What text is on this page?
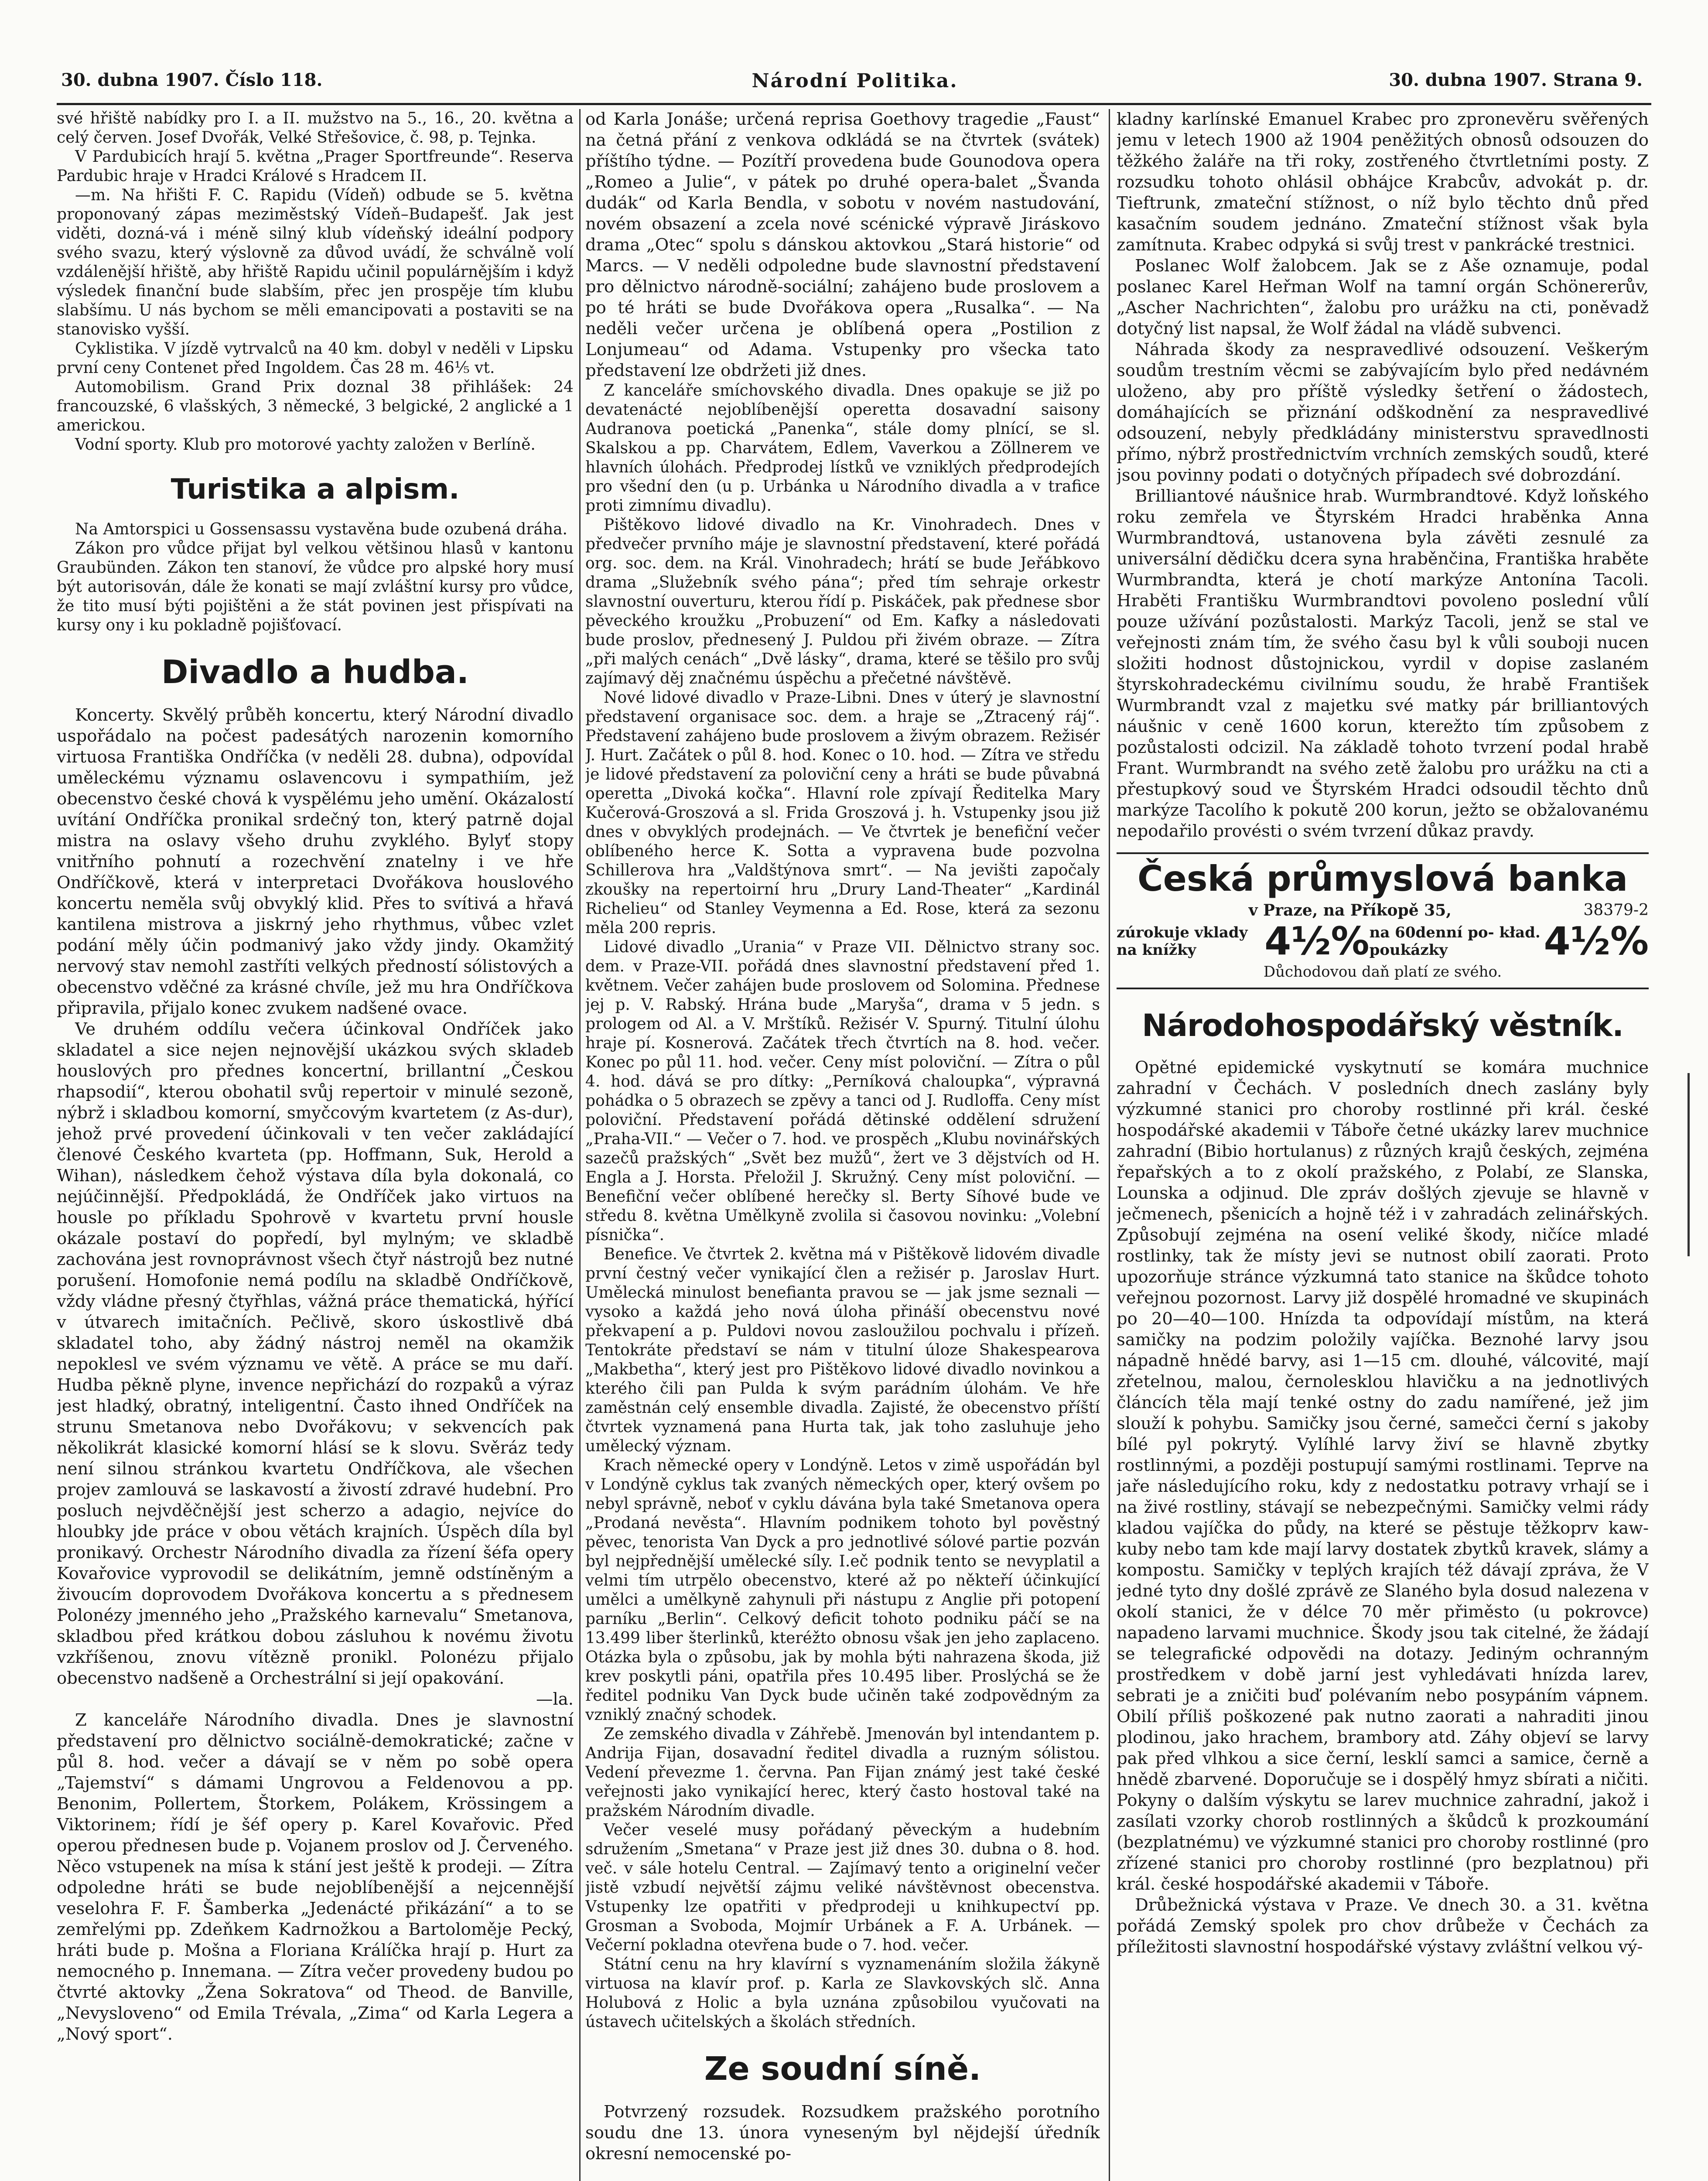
30. dubna 1907. Číslo 118.	Národní Politika.	30. dubna 1907. Strana 9.

své hřiště nabídky pro I. a II. mužstvo na 5., 16., 20. května a celý červen. Josef Dvořák, Velké Střešovice, č. 98, p. Tejnka.

V Pardubicích hrají 5. května „Prager Sportfreunde“. Reserva Pardubic hraje v Hradci Králové s Hradcem II.

—m. Na hřišti F. C. Rapidu (Vídeň) odbude se 5. května proponovaný zápas meziměstský Vídeň–Budapešť. Jak jest viděti, dozná-vá i méně silný klub vídeňský ideální podpory svého svazu, který výslovně za důvod uvádí, že schválně volí vzdálenější hřiště, aby hřiště Rapidu učinil populárnějším i když výsledek finanční bude slabším, přec jen prospěje tím klubu slabšímu. U nás bychom se měli emancipovati a postaviti se na stanovisko vyšší.

Cyklistika. V jízdě vytrvalců na 40 km. dobyl v neděli v Lipsku první ceny Contenet před Ingoldem. Čas 28 m. 46⅕ vt.

Automobilism. Grand Prix doznal 38 přihlášek: 24 francouzské, 6 vlašských, 3 německé, 3 belgické, 2 anglické a 1 americkou.

Vodní sporty. Klub pro motorové yachty založen v Berlíně.

Turistika a alpism.

Na Amtorspici u Gossensassu vystavěna bude ozubená dráha.

Zákon pro vůdce přijat byl velkou většinou hlasů v kantonu Graubünden. Zákon ten stanoví, že vůdce pro alpské hory musí být autorisován, dále že konati se mají zvláštní kursy pro vůdce, že tito musí býti pojištěni a že stát povinen jest přispívati na kursy ony i ku pokladně pojišťovací.

Divadlo a hudba.

Koncerty. Skvělý průběh koncertu, který Národní divadlo uspořádalo na počest padesátých narozenin komorního virtuosa Františka Ondříčka (v neděli 28. dubna), odpovídal uměleckému významu oslavencovu i sympathiím, jež obecenstvo české chová k vyspělému jeho umění. Okázalostí uvítání Ondříčka pronikal srdečný ton, který patrně dojal mistra na oslavy všeho druhu zvyklého. Bylyť stopy vnitřního pohnutí a rozechvění znatelny i ve hře Ondříčkově, která v interpretaci Dvořákova houslového koncertu neměla svůj obvyklý klid. Přes to svítivá a hřavá kantilena mistrova a jiskrný jeho rhythmus, vůbec vzlet podání měly účin podmanivý jako vždy jindy. Okamžitý nervový stav nemohl zastříti velkých předností sólistových a obecenstvo vděčné za krásné chvíle, jež mu hra Ondříčkova připravila, přijalo konec zvukem nadšené ovace.

Ve druhém oddílu večera účinkoval Ondříček jako skladatel a sice nejen nejnovější ukázkou svých skladeb houslových pro přednes koncertní, brillantní „Českou rhapsodií“, kterou obohatil svůj repertoir v minulé sezoně, nýbrž i skladbou komorní, smyčcovým kvartetem (z As-dur), jehož prvé provedení účinkovali v ten večer zakládající členové Českého kvarteta (pp. Hoffmann, Suk, Herold a Wihan), následkem čehož výstava díla byla dokonalá, co nejúčinnější. Předpokládá, že Ondříček jako virtuos na housle po příkladu Spohrově v kvartetu první housle okázale postaví do popředí, byl mylným; ve skladbě zachována jest rovnoprávnost všech čtyř nástrojů bez nutné porušení. Homofonie nemá podílu na skladbě Ondříčkově, vždy vládne přesný čtyřhlas, vážná práce thematická, hýřící v útvarech imitačních. Pečlivě, skoro úskostlivě dbá skladatel toho, aby žádný nástroj neměl na okamžik nepoklesl ve svém významu ve větě. A práce se mu daří. Hudba pěkně plyne, invence nepřichází do rozpaků a výraz jest hladký, obratný, inteligentní. Často ihned Ondříček na strunu Smetanova nebo Dvořákovu; v sekvencích pak několikrát klasické komorní hlásí se k slovu. Svěráz tedy není silnou stránkou kvartetu Ondříčkova, ale všechen projev zamlouvá se laskavostí a živostí zdravé hudební. Pro posluch nejvděčnější jest scherzo a adagio, nejvíce do hloubky jde práce v obou větách krajních. Úspěch díla byl pronikavý. Orchestr Národního divadla za řízení šéfa opery Kovařovice vyprovodil se delikátním, jemně odstíněným a živoucím doprovodem Dvořákova koncertu a s přednesem Polonézy jmenného jeho „Pražského karnevalu“ Smetanova, skladbou před krátkou dobou zásluhou k novému životu vzkříšenou, znovu vítězně pronikl. Polonézu přijalo obecenstvo nadšeně a Orchestrální si její opakování.

—la.

Z kanceláře Národního divadla. Dnes je slavnostní představení pro dělnictvo sociálně-demokratické; začne v půl 8. hod. večer a dávají se v něm po sobě opera „Tajemství“ s dámami Ungrovou a Feldenovou a pp. Benonim, Pollertem, Štorkem, Polákem, Krössingem a Viktorinem; řídí je šéf opery p. Karel Kovařovic. Před operou přednesen bude p. Vojanem proslov od J. Červeného. Něco vstupenek na mísa k stání jest ještě k prodeji. — Zítra odpoledne hráti se bude nejoblíbenější a nejcennější veselohra F. F. Šamberka „Jedenácté přikázání“ a to se zemřelými pp. Zdeňkem Kadrnožkou a Bartoloměje Pecký, hráti bude p. Mošna a Floriana Králíčka hrají p. Hurt za nemocného p. Innemana. — Zítra večer provedeny budou po čtvrté aktovky „Žena Sokratova“ od Theod. de Banville, „Nevysloveno“ od Emila Trévala, „Zima“ od Karla Legera a „Nový sport“.

od Karla Jonáše; určená reprisa Goethovy tragedie „Faust“ na četná přání z venkova odkládá se na čtvrtek (svátek) příštího týdne. — Pozítří provedena bude Gounodova opera „Romeo a Julie“, v pátek po druhé opera-balet „Švanda dudák“ od Karla Bendla, v sobotu v novém nastudování, novém obsazení a zcela nové scénické výpravě Jiráskovo drama „Otec“ spolu s dánskou aktovkou „Stará historie“ od Marcs. — V neděli odpoledne bude slavnostní představení pro dělnictvo národně-sociální; zahájeno bude proslovem a po té hráti se bude Dvořákova opera „Rusalka“. — Na neděli večer určena je oblíbená opera „Postilion z Lonjumeau“ od Adama. Vstupenky pro všecka tato představení lze obdržeti již dnes.

Z kanceláře smíchovského divadla. Dnes opakuje se již po devatenácté nejoblíbenější operetta dosavadní saisony Audranova poetická „Panenka“, stále domy plnící, se sl. Skalskou a pp. Charvátem, Edlem, Vaverkou a Zöllnerem ve hlavních úlohách. Předprodej lístků ve vzniklých předprodejích pro všední den (u p. Urbánka u Národního divadla a v trafice proti zimnímu divadlu).

Pištěkovo lidové divadlo na Kr. Vinohradech. Dnes v předvečer prvního máje je slavnostní představení, které pořádá org. soc. dem. na Král. Vinohradech; hrátí se bude Jeřábkovo drama „Služebník svého pána“; před tím sehraje orkestr slavnostní ouverturu, kterou řídí p. Piskáček, pak přednese sbor pěveckého kroužku „Probuzení“ od Em. Kafky a následovati bude proslov, přednesený J. Puldou při živém obraze. — Zítra „při malých cenách“ „Dvě lásky“, drama, které se těšilo pro svůj zajímavý děj značnému úspěchu a přečetné návštěvě.

Nové lidové divadlo v Praze-Libni. Dnes v úterý je slavnostní představení organisace soc. dem. a hraje se „Ztracený ráj“. Představení zahájeno bude proslovem a živým obrazem. Režisér J. Hurt. Začátek o půl 8. hod. Konec o 10. hod. — Zítra ve středu je lidové představení za poloviční ceny a hráti se bude půvabná operetta „Divoká kočka“. Hlavní role zpívají Ředitelka Mary Kučerová-Groszová a sl. Frida Groszová j. h. Vstupenky jsou již dnes v obvyklých prodejnách. — Ve čtvrtek je benefiční večer oblíbeného herce K. Sotta a vypravena bude pozvolna Schillerova hra „Valdštýnova smrt“. — Na jevišti započaly zkoušky na repertoirní hru „Drury Land-Theater“ „Kardinál Richelieu“ od Stanley Veymenna a Ed. Rose, která za sezonu měla 200 repris.

Lidové divadlo „Urania“ v Praze VII. Dělnictvo strany soc. dem. v Praze-VII. pořádá dnes slavnostní představení před 1. květnem. Večer zahájen bude proslovem od Solomina. Přednese jej p. V. Rabský. Hrána bude „Maryša“, drama v 5 jedn. s prologem od Al. a V. Mrštíků. Režisér V. Spurný. Titulní úlohu hraje pí. Kosnerová. Začátek třech čtvrtích na 8. hod. večer. Konec po půl 11. hod. večer. Ceny míst poloviční. — Zítra o půl 4. hod. dává se pro dítky: „Perníková chaloupka“, výpravná pohádka o 5 obrazech se zpěvy a tanci od J. Rudloffa. Ceny míst poloviční. Představení pořádá dětinské oddělení sdružení „Praha-VII.“ — Večer o 7. hod. ve prospěch „Klubu novinářských sazečů pražských“ „Svět bez mužů“, žert ve 3 dějstvích od H. Engla a J. Horsta. Přeložil J. Skružný. Ceny míst poloviční. — Benefiční večer oblíbené herečky sl. Berty Síhové bude ve středu 8. května Umělkyně zvolila si časovou novinku: „Volební písnička“.

Benefice. Ve čtvrtek 2. května má v Pištěkově lidovém divadle první čestný večer vynikající člen a režisér p. Jaroslav Hurt. Umělecká minulost benefianta pravou se — jak jsme seznali — vysoko a každá jeho nová úloha přináší obecenstvu nové překvapení a p. Puldovi novou zasloužilou pochvalu i přízeň. Tentokráte představí se nám v titulní úloze Shakespearova „Makbetha“, který jest pro Pištěkovo lidové divadlo novinkou a kterého čili pan Pulda k svým parádním úlohám. Ve hře zaměstnán celý ensemble divadla. Zajisté, že obecenstvo příští čtvrtek vyznamená pana Hurta tak, jak toho zasluhuje jeho umělecký význam.

Krach německé opery v Londýně. Letos v zimě uspořádán byl v Londýně cyklus tak zvaných německých oper, který ovšem po nebyl správně, neboť v cyklu dávána byla také Smetanova opera „Prodaná nevěsta“. Hlavním podnikem tohoto byl pověstný pěvec, tenorista Van Dyck a pro jednotlivé sólové partie pozván byl nejpřednější umělecké síly. I.eč podnik tento se nevyplatil a velmi tím utrpělo obecenstvo, které až po někteří účinkující umělci a umělkyně zahynuli při nástupu z Anglie při potopení parníku „Berlin“. Celkový deficit tohoto podniku páčí se na 13.499 liber šterlinků, kteréžto obnosu však jen jeho zaplaceno. Otázka byla o způsobu, jak by mohla býti nahrazena škoda, již krev poskytli páni, opatřila přes 10.495 liber. Proslýchá se že ředitel podniku Van Dyck bude učiněn také zodpovědným za vzniklý značný schodek.

Ze zemského divadla v Záhřebě. Jmenován byl intendantem p. Andrija Fijan, dosavadní ředitel divadla a ruzným sólistou. Vedení převezme 1. června. Pan Fijan známý jest také české veřejnosti jako vynikající herec, který často hostoval také na pražském Národním divadle.

Večer veselé musy pořádaný pěveckým a hudebním sdružením „Smetana“ v Praze jest již dnes 30. dubna o 8. hod. več. v sále hotelu Central. — Zajímavý tento a originelní večer jistě vzbudí největší zájmu veliké návštěvnost obecenstva. Vstupenky lze opatřiti v předprodeji u knihkupectví pp. Grosman a Svoboda, Mojmír Urbánek a F. A. Urbánek. — Večerní pokladna otevřena bude o 7. hod. večer.

Státní cenu na hry klavírní s vyznamenáním složila žákyně virtuosa na klavír prof. p. Karla ze Slavkovských slč. Anna Holubová z Holic a byla uznána způsobilou vyučovati na ústavech učitelských a školách středních.

Ze soudní síně.

Potvrzený rozsudek. Rozsudkem pražského porotního soudu dne 13. února vyneseným byl nějdejší úředník okresní nemocenské po-

kladny karlínské Emanuel Krabec pro zpronevěru svěřených jemu v letech 1900 až 1904 peněžitých obnosů odsouzen do těžkého žaláře na tři roky, zostřeného čtvrtletními posty. Z rozsudku tohoto ohlásil obhájce Krabcův, advokát p. dr. Tieftrunk, zmateční stížnost, o níž bylo těchto dnů před kasačním soudem jednáno. Zmateční stížnost však byla zamítnuta. Krabec odpyká si svůj trest v pankrácké trestnici.

Poslanec Wolf žalobcem. Jak se z Aše oznamuje, podal poslanec Karel Heřman Wolf na tamní orgán Schönererův, „Ascher Nachrichten“, žalobu pro urážku na cti, poněvadž dotyčný list napsal, že Wolf žádal na vládě subvenci.

Náhrada škody za nespravedlivé odsouzení. Veškerým soudům trestním věcmi se zabývajícím bylo před nedávném uloženo, aby pro příště výsledky šetření o žádostech, domáhajících se přiznání odškodnění za nespravedlivé odsouzení, nebyly předkládány ministerstvu spravedlnosti přímo, nýbrž prostřednictvím vrchních zemských soudů, které jsou povinny podati o dotyčných případech své dobrozdání.

Brilliantové náušnice hrab. Wurmbrandtové. Když loňského roku zemřela ve Štyrském Hradci hraběnka Anna Wurmbrandtová, ustanovena byla závěti zesnulé za universální dědičku dcera syna hraběnčina, Františka hraběte Wurmbrandta, která je chotí markýze Antonína Tacoli. Hraběti Františku Wurmbrandtovi povoleno poslední vůlí pouze užívání pozůstalosti. Markýz Tacoli, jenž se stal ve veřejnosti znám tím, že svého času byl k vůli souboji nucen složiti hodnost důstojnickou, vyrdil v dopise zaslaném štyrskohradeckému civilnímu soudu, že hrabě František Wurmbrandt vzal z majetku své matky pár brilliantových náušnic v ceně 1600 korun, kterežto tím způsobem z pozůstalosti odcizil. Na základě tohoto tvrzení podal hrabě Frant. Wurmbrandt na svého zetě žalobu pro urážku na cti a přestupkový soud ve Štyrském Hradci odsoudil těchto dnů markýze Tacolího k pokutě 200 korun, ježto se obžalovanému nepodařilo provésti o svém tvrzení důkaz pravdy.

Česká průmyslová banka
v Praze, na Příkopě 35,	38379-2
zúrokuje vklady na knížky	4½% na 60denní po- kład. poukázky	4½%
Důchodovou daň platí ze svého.
Národohospodářský věstník.

Opětné epidemické vyskytnutí se komára muchnice zahradní v Čechách. V posledních dnech zaslány byly výzkumné stanici pro choroby rostlinné při král. české hospodářské akademii v Táboře četné ukázky larev muchnice zahradní (Bibio hortulanus) z různých krajů českých, zejména řepařských a to z okolí pražského, z Polabí, ze Slanska, Lounska a odjinud. Dle zpráv došlých zjevuje se hlavně v ječmenech, pšenicích a hojně též i v zahradách zelinářských. Způsobují zejména na osení veliké škody, ničíce mladé rostlinky, tak že místy jevi se nutnost obilí zaorati. Proto upozorňuje stránce výzkumná tato stanice na škůdce tohoto veřejnou pozornost. Larvy již dospělé hromadné ve skupinách po 20—40—100. Hnízda ta odpovídají místům, na která samičky na podzim položily vajíčka. Beznohé larvy jsou nápadně hnědé barvy, asi 1—15 cm. dlouhé, válcovité, mají zřetelnou, malou, černolesklou hlavičku a na jednotlivých článcích těla mají tenké ostny do zadu namířené, jež jim slouží k pohybu. Samičky jsou černé, samečci černí s jakoby bílé pyl pokrytý. Vylíhlé larvy živí se hlavně zbytky rostlinnými, a později postupují samými rostlinami. Teprve na jaře následujícího roku, kdy z nedostatku potravy vrhají se i na živé rostliny, stávají se nebezpečnými. Samičky velmi rády kladou vajíčka do půdy, na které se pěstuje těžkoprv kaw-kuby nebo tam kde mají larvy dostatek zbytků kravek, slámy a kompostu. Samičky v teplých krajích též dávají zpráva, že V jedné tyto dny došlé zprávě ze Slaného byla dosud nalezena v okolí stanici, že v délce 70 měr přiměsto (u pokrovce) napadeno larvami muchnice. Škody jsou tak citelné, že žádají se telegrafické odpovědi na dotazy. Jediným ochranným prostředkem v době jarní jest vyhledávati hnízda larev, sebrati je a zničiti buď polévaním nebo posypáním vápnem. Obilí příliš poškozené pak nutno zaorati a nahraditi jinou plodinou, jako hrachem, brambory atd. Záhy objeví se larvy pak před vlhkou a sice černí, lesklí samci a samice, černě a hnědě zbarvené. Doporučuje se i dospělý hmyz sbírati a ničiti. Pokyny o dalším výskytu se larev muchnice zahradní, jakož i zasílati vzorky chorob rostlinných a škůdců k prozkoumání (bezplatnému) ve výzkumné stanici pro choroby rostlinné (pro zřízené stanici pro choroby rostlinné (pro bezplatnou) při král. české hospodářské akademii v Táboře.

Drůbežnická výstava v Praze. Ve dnech 30. a 31. května pořádá Zemský spolek pro chov drůbeže v Čechách za příležitosti slavnostní hospodářské výstavy zvláštní velkou vý-
